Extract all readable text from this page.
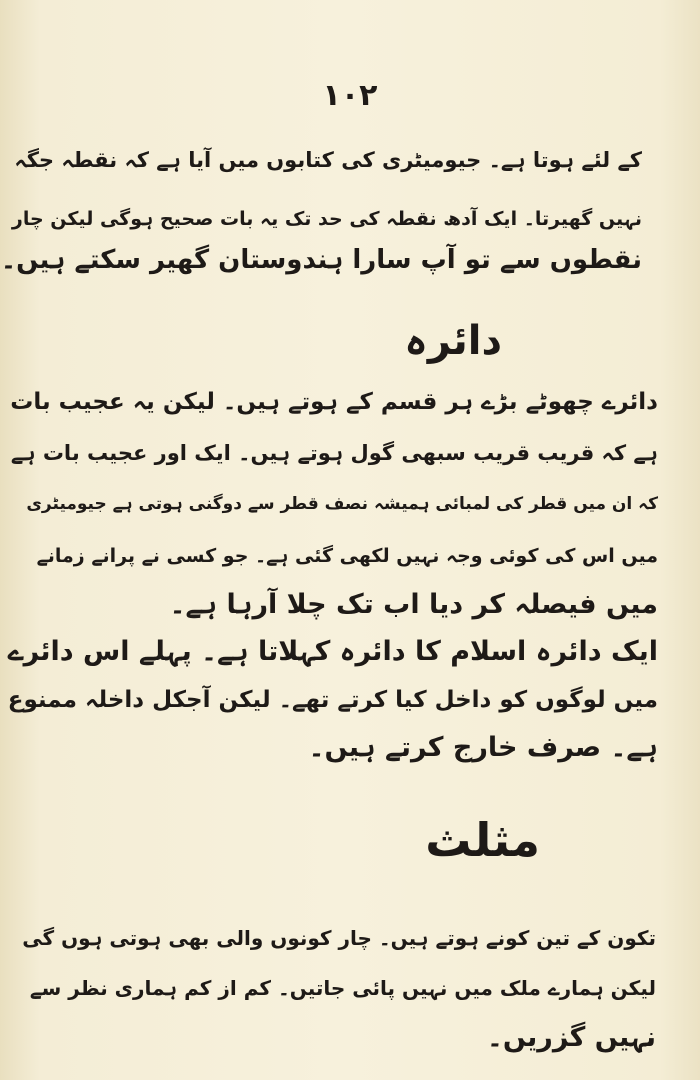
۱۰۲
کے لئے ہوتا ہے۔ جیومیٹری کی کتابوں میں آیا ہے کہ نقطہ جگہ
نہیں گھیرتا۔ ایک آدھ نقطہ کی حد تک یہ بات صحیح ہوگی لیکن چار
نقطوں سے تو آپ سارا ہندوستان گھیر سکتے ہیں۔
دائرہ
دائرے چھوٹے بڑے ہر قسم کے ہوتے ہیں۔ لیکن یہ عجیب بات
ہے کہ قریب قریب سبھی گول ہوتے ہیں۔ ایک اور عجیب بات ہے
کہ ان میں قطر کی لمبائی ہمیشہ نصف قطر سے دوگنی ہوتی ہے جیومیٹری
میں اس کی کوئی وجہ نہیں لکھی گئی ہے۔ جو کسی نے پرانے زمانے
میں فیصلہ کر دیا اب تک چلا آرہا ہے۔
ایک دائرہ اسلام کا دائرہ کہلاتا ہے۔ پہلے اس دائرے
میں لوگوں کو داخل کیا کرتے تھے۔ لیکن آجکل داخلہ ممنوع
ہے۔ صرف خارج کرتے ہیں۔
مثلث
تکون کے تین کونے ہوتے ہیں۔ چار کونوں والی بھی ہوتی ہوں گی
لیکن ہمارے ملک میں نہیں پائی جاتیں۔ کم از کم ہماری نظر سے
نہیں گزریں۔
